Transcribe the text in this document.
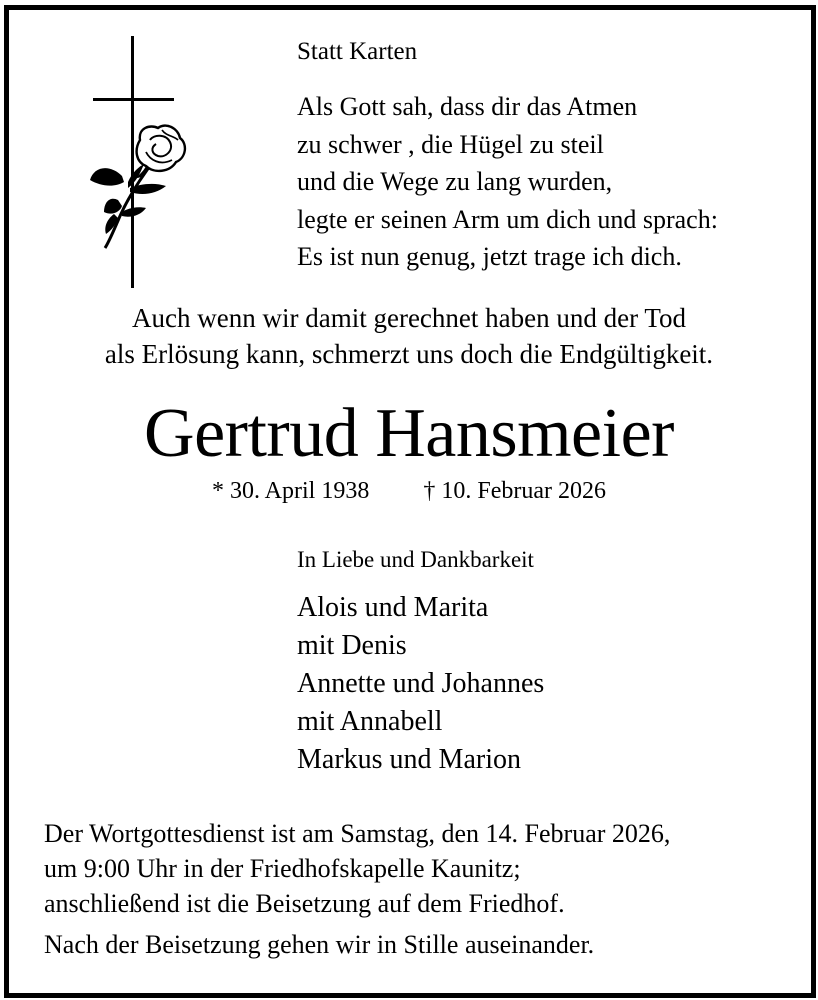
Statt Karten
Als Gott sah, dass dir das Atmen
zu schwer , die Hügel zu steil
und die Wege zu lang wurden,
legte er seinen Arm um dich und sprach:
Es ist nun genug, jetzt trage ich dich.
Auch wenn wir damit gerechnet haben und der Tod
als Erlösung kann, schmerzt uns doch die Endgültigkeit.
Gertrud Hansmeier
* 30. April 1938 † 10. Februar 2026
In Liebe und Dankbarkeit
Alois und Marita
mit Denis
Annette und Johannes
mit Annabell
Markus und Marion
Der Wortgottesdienst ist am Samstag, den 14. Februar 2026,
um 9:00 Uhr in der Friedhofskapelle Kaunitz;
anschließend ist die Beisetzung auf dem Friedhof.
Nach der Beisetzung gehen wir in Stille auseinander.
